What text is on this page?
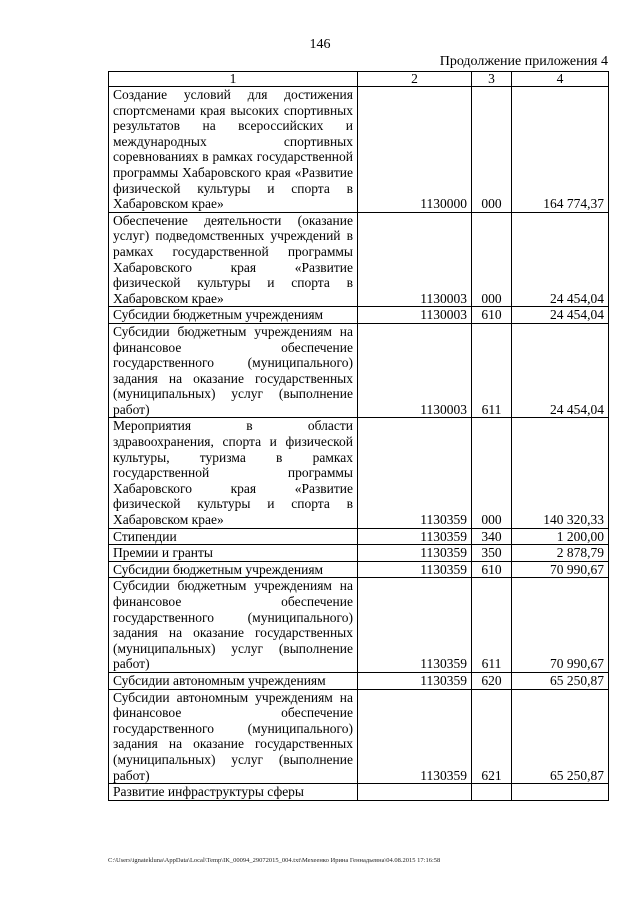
146
Продолжение приложения 4
1	2	3	4
Создание условий для достижения спортсменами края высоких спортивных результатов на всероссийских и международных спортивных соревнованиях в рамках государственной программы Хабаровского края «Развитие физической культуры и спорта в Хабаровском крае»	1130000	000	164 774,37
Обеспечение деятельности (оказание услуг) подведомственных учреждений в рамках государственной программы Хабаровского края «Развитие физической культуры и спорта в Хабаровском крае»	1130003	000	24 454,04
Субсидии бюджетным учреждениям	1130003	610	24 454,04
Субсидии бюджетным учреждениям на финансовое обеспечение государственного (муниципального) задания на оказание государственных (муниципальных) услуг (выполнение работ)	1130003	611	24 454,04
Мероприятия в области здравоохранения, спорта и физической культуры, туризма в рамках государственной программы Хабаровского края «Развитие физической культуры и спорта в Хабаровском крае»	1130359	000	140 320,33
Стипендии	1130359	340	1 200,00
Премии и гранты	1130359	350	2 878,79
Субсидии бюджетным учреждениям	1130359	610	70 990,67
Субсидии бюджетным учреждениям на финансовое обеспечение государственного (муниципального) задания на оказание государственных (муниципальных) услуг (выполнение работ)	1130359	611	70 990,67
Субсидии автономным учреждениям	1130359	620	65 250,87
Субсидии автономным учреждениям на финансовое обеспечение государственного (муниципального) задания на оказание государственных (муниципальных) услуг (выполнение работ)	1130359	621	65 250,87
Развитие инфраструктуры сферы			
C:\Users\ignatekluna\AppData\Local\Temp\IK_00094_29072015_004.txt\Мехеенко Ирина Геннадьевна\04.08.2015 17:16:58
